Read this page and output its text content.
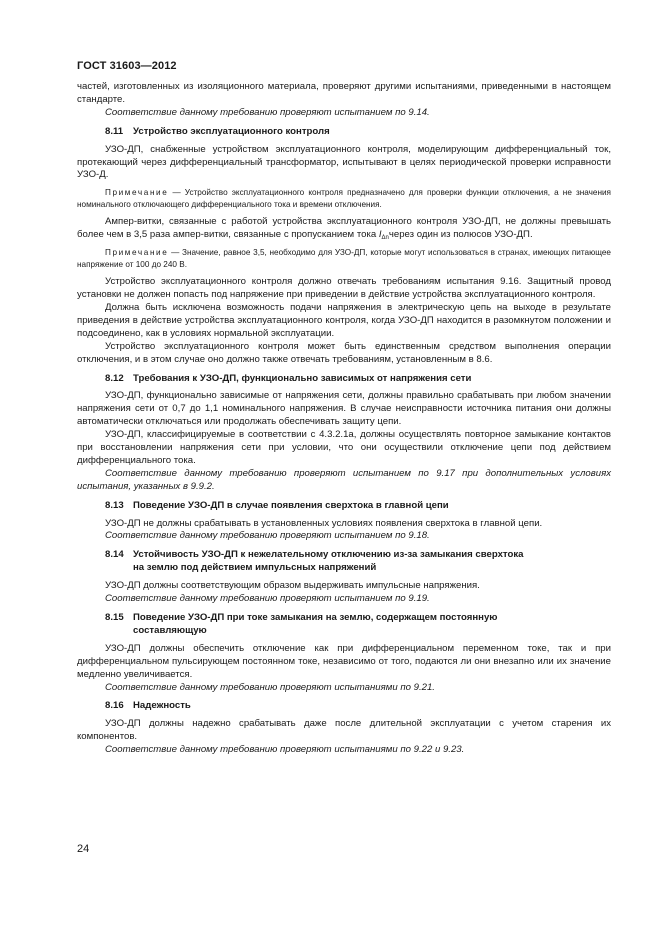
ГОСТ 31603—2012

частей, изготовленных из изоляционного материала, проверяют другими испытаниями, приведенными в настоящем стандарте.

Соответствие данному требованию проверяют испытанием по 9.14.

8.11 Устройство эксплуатационного контроля

УЗО-ДП, снабженные устройством эксплуатационного контроля, моделирующим дифференциальный ток, протекающий через дифференциальный трансформатор, испытывают в целях периодической проверки исправности УЗО-Д.

Примечание — Устройство эксплуатационного контроля предназначено для проверки функции отключения, а не значения номинального отключающего дифференциального тока и времени отключения.

Ампер-витки, связанные с работой устройства эксплуатационного контроля УЗО-ДП, не должны превышать более чем в 3,5 раза ампер-витки, связанные с пропусканием тока $I_{\Delta n}через$ один из полюсов УЗО-ДП.

Примечание — Значение, равное 3,5, необходимо для УЗО-ДП, которые могут использоваться в странах, имеющих питающее напряжение от 100 до 240 В.

Устройство эксплуатационного контроля должно отвечать требованиям испытания 9.16. Защитный провод установки не должен попасть под напряжение при приведении в действие устройства эксплуатационного контроля.

Должна быть исключена возможность подачи напряжения в электрическую цепь на выходе в результате приведения в действие устройства эксплуатационного контроля, когда УЗО-ДП находится в разомкнутом положении и подсоединено, как в условиях нормальной эксплуатации.

Устройство эксплуатационного контроля может быть единственным средством выполнения операции отключения, и в этом случае оно должно также отвечать требованиям, установленным в 8.6.

8.12 Требования к УЗО-ДП, функционально зависимых от напряжения сети

УЗО-ДП, функционально зависимые от напряжения сети, должны правильно срабатывать при любом значении напряжения сети от 0,7 до 1,1 номинального напряжения. В случае неисправности источника питания они должны автоматически отключаться или продолжать обеспечивать защиту цепи.

УЗО-ДП, классифицируемые в соответствии с 4.3.2.1а, должны осуществлять повторное замыкание контактов при восстановлении напряжения сети при условии, что они осуществили отключение цепи под действием дифференциального тока.

Соответствие данному требованию проверяют испытанием по 9.17 при дополнительных условиях испытания, указанных в 9.9.2.

8.13 Поведение УЗО-ДП в случае появления сверхтока в главной цепи

УЗО-ДП не должны срабатывать в установленных условиях появления сверхтока в главной цепи.

Соответствие данному требованию проверяют испытанием по 9.18.

8.14 Устойчивость УЗО-ДП к нежелательному отключению из-за замыкания сверхтока
на землю под действием импульсных напряжений

УЗО-ДП должны соответствующим образом выдерживать импульсные напряжения.

Соответствие данному требованию проверяют испытанием по 9.19.

8.15 Поведение УЗО-ДП при токе замыкания на землю, содержащем постоянную
составляющую

УЗО-ДП должны обеспечить отключение как при дифференциальном переменном токе, так и при дифференциальном пульсирующем постоянном токе, независимо от того, подаются ли они внезапно или их значение медленно увеличивается.

Соответствие данному требованию проверяют испытаниями по 9.21.

8.16 Надежность

УЗО-ДП должны надежно срабатывать даже после длительной эксплуатации с учетом старения их компонентов.

Соответствие данному требованию проверяют испытаниями по 9.22 и 9.23.

24
